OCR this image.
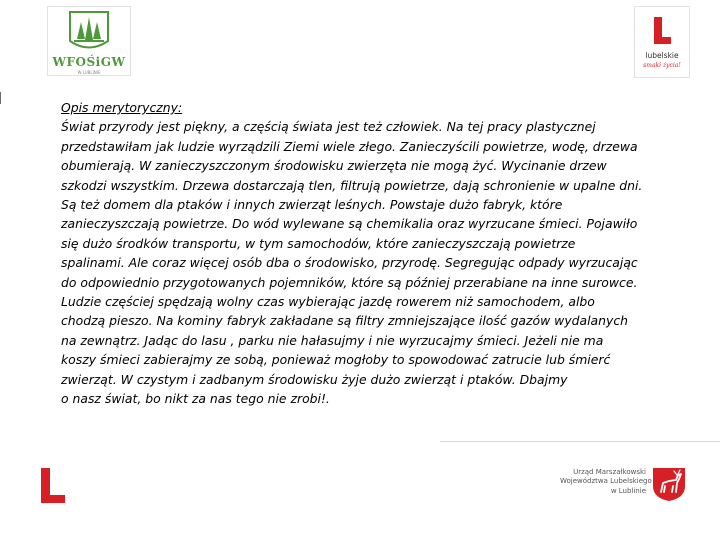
WFOŚiGW
W LUBLINIE
lubelskie
smaki życia!
Opis merytoryczny:
Świat przyrody jest piękny, a częścią świata jest też człowiek. Na tej pracy plastycznej
przedstawiłam jak ludzie wyrządzili Ziemi wiele złego. Zanieczyścili powietrze, wodę, drzewa
obumierają. W zanieczyszczonym środowisku zwierzęta nie mogą żyć. Wycinanie drzew
szkodzi wszystkim. Drzewa dostarczają tlen, filtrują powietrze, dają schronienie w upalne dni.
Są też domem dla ptaków i innych zwierząt leśnych. Powstaje dużo fabryk, które
zanieczyszczają powietrze. Do wód wylewane są chemikalia oraz wyrzucane śmieci. Pojawiło
się dużo środków transportu, w tym samochodów, które zanieczyszczają powietrze
spalinami. Ale coraz więcej osób dba o środowisko, przyrodę. Segregując odpady wyrzucając
do odpowiednio przygotowanych pojemników, które są później przerabiane na inne surowce.
Ludzie częściej spędzają wolny czas wybierając jazdę rowerem niż samochodem, albo
chodzą pieszo. Na kominy fabryk zakładane są filtry zmniejszające ilość gazów wydalanych
na zewnątrz. Jadąc do lasu , parku nie hałasujmy i nie wyrzucajmy śmieci. Jeżeli nie ma
koszy śmieci zabierajmy ze sobą, ponieważ mogłoby to spowodować zatrucie lub śmierć
zwierząt. W czystym i zadbanym środowisku żyje dużo zwierząt i ptaków. Dbajmy
o nasz świat, bo nikt za nas tego nie zrobi!.
Urząd Marszałkowski
Województwa Lubelskiego
w Lublinie
